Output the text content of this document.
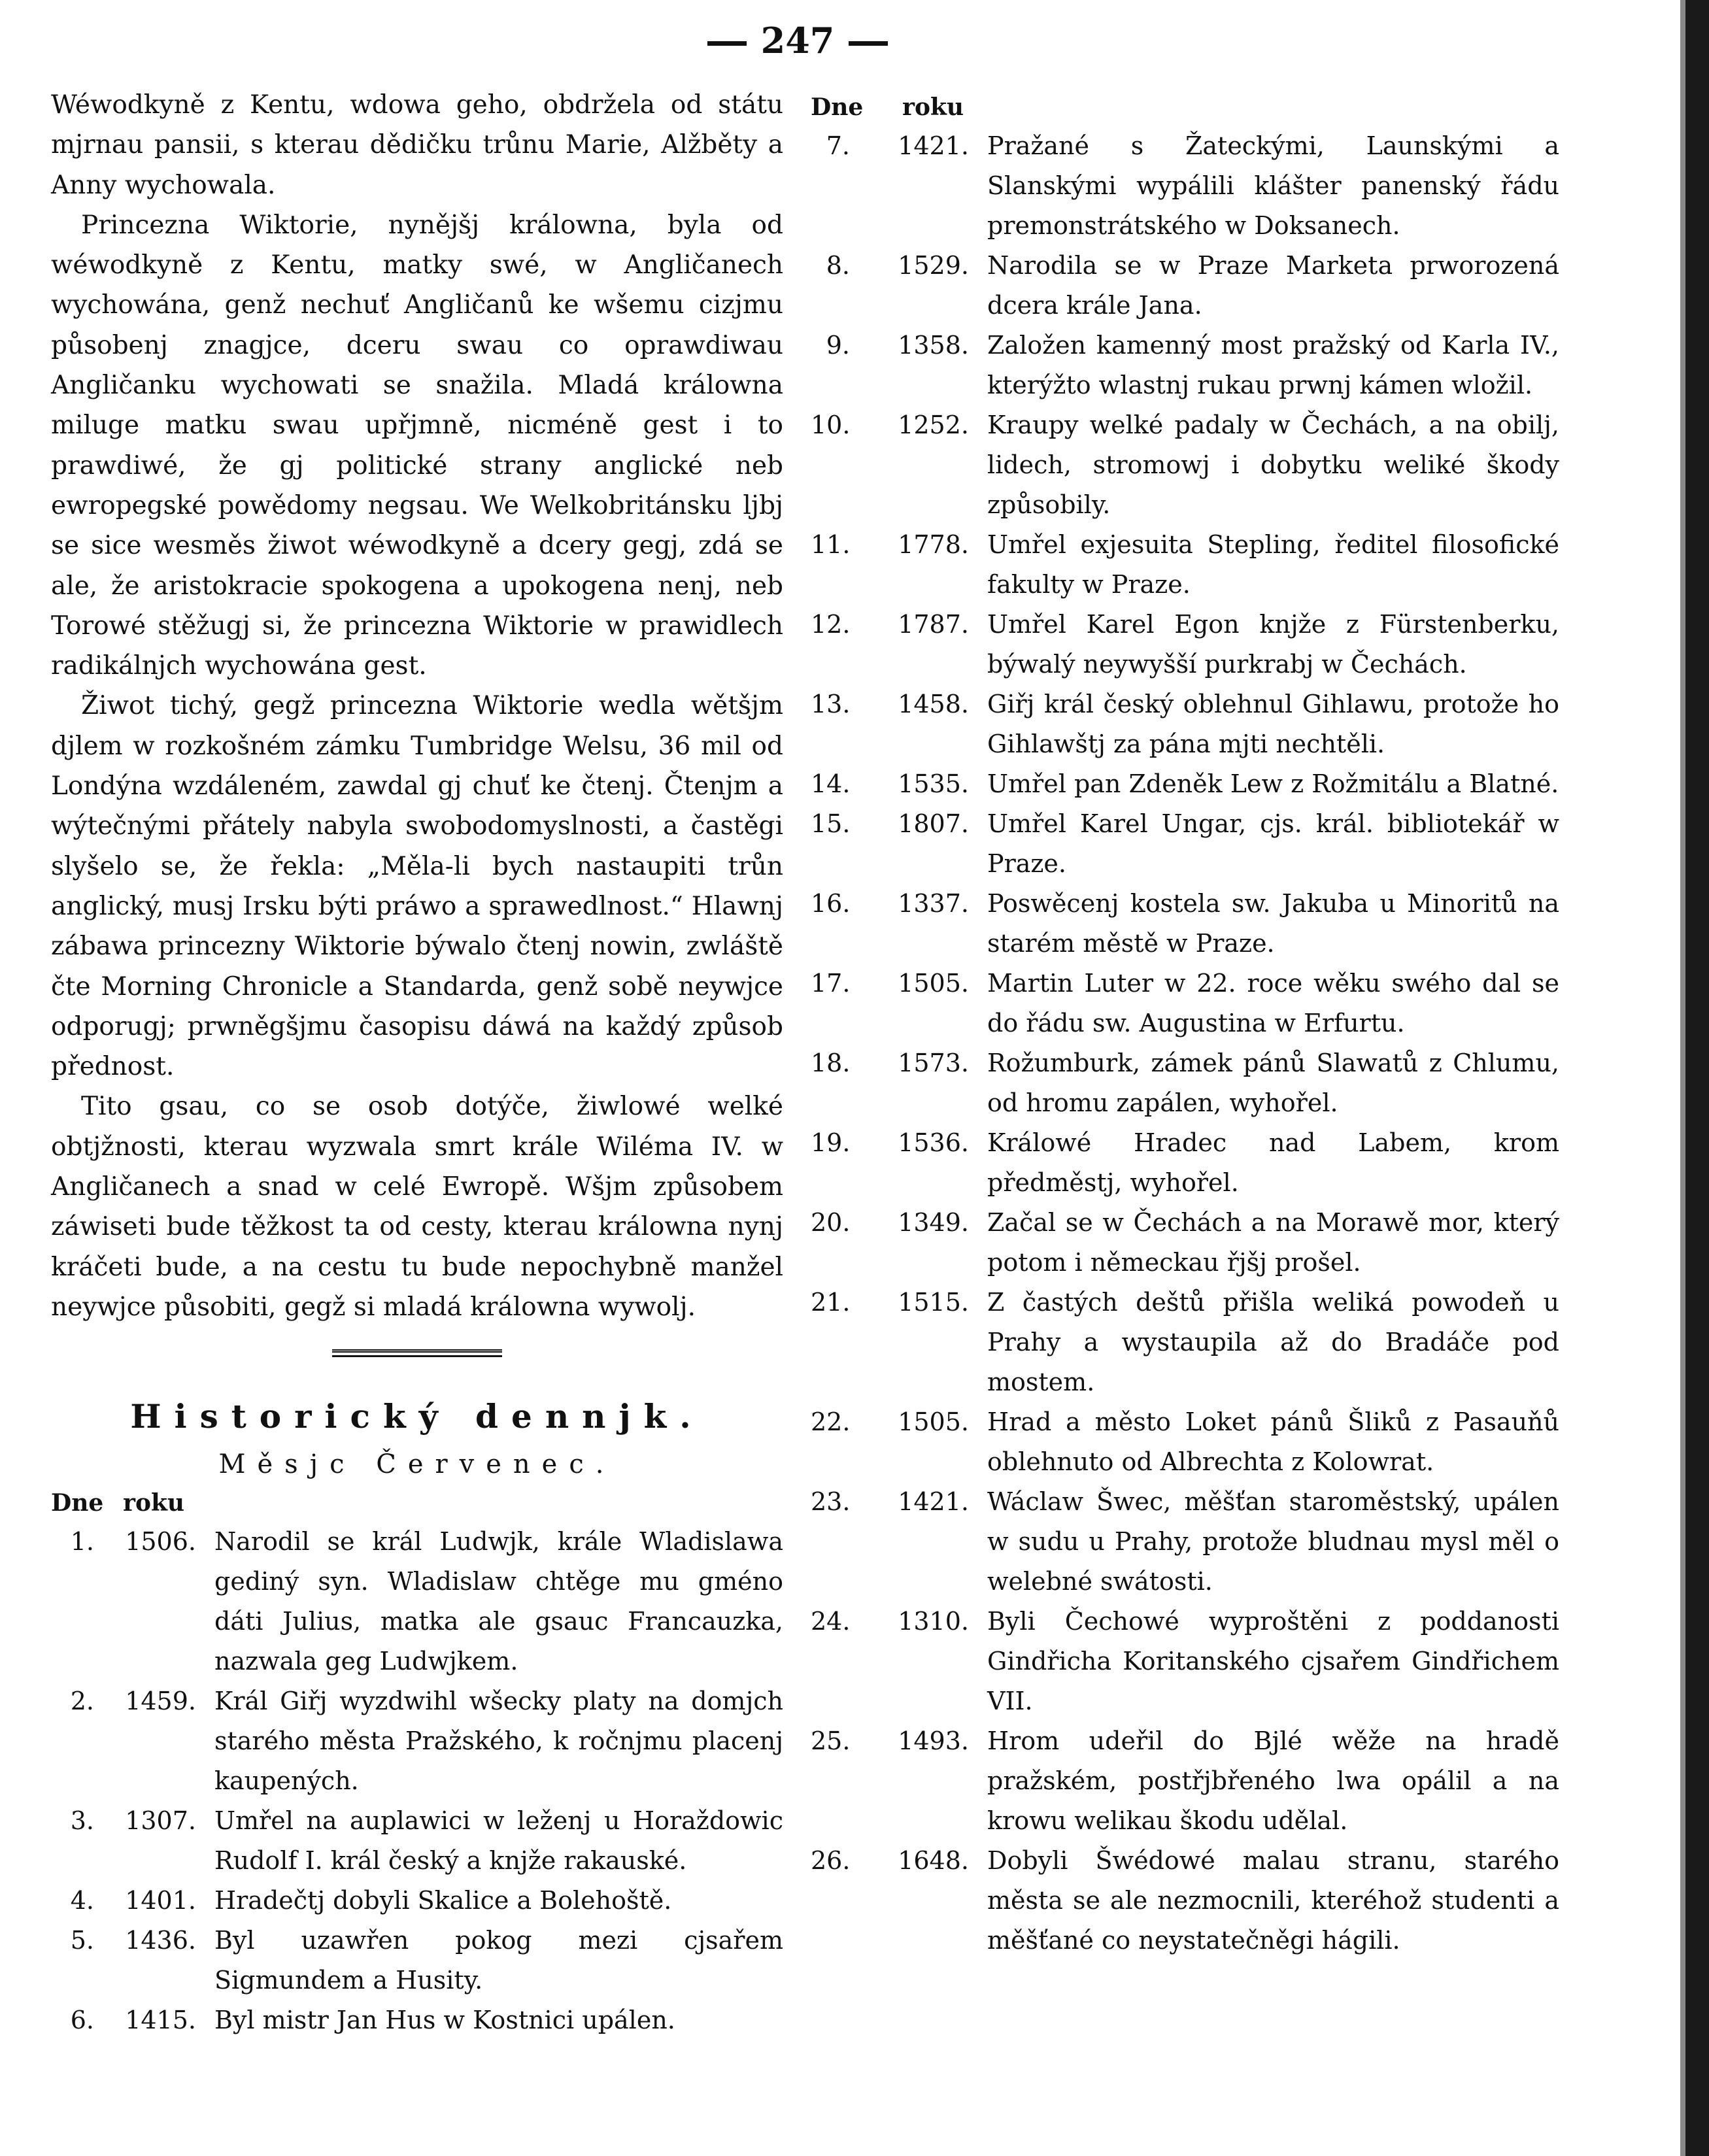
247

Wéwodkyně z Kentu, wdowa geho, obdržela od státu mjrnau pansii, s kterau dědičku trůnu Marie, Alžběty a Anny wychowala.

Princezna Wiktorie, nynějšj králowna, byla od wéwodkyně z Kentu, matky swé, w Angličanech wychowána, genž nechuť Angličanů ke wšemu cizjmu působenj znagjce, dceru swau co oprawdiwau Angličanku wychowati se snažila. Mladá králowna miluge matku swau upřjmně, nicméně gest i to prawdiwé, že gj politické strany anglické neb ewropegské powědomy negsau. We Welkobritánsku ljbj se sice wesměs žiwot wéwodkyně a dcery gegj, zdá se ale, že aristokracie spokogena a upokogena nenj, neb Torowé stěžugj si, že princezna Wiktorie w prawidlech radikálnjch wychowána gest.

Žiwot tichý, gegž princezna Wiktorie wedla wětšjm djlem w rozkošném zámku Tumbridge Welsu, 36 mil od Londýna wzdáleném, zawdal gj chuť ke čtenj. Čtenjm a wýtečnými přátely nabyla swobodomyslnosti, a častěgi slyšelo se, že řekla: „Měla-li bych nastaupiti trůn anglický, musj Irsku býti práwo a sprawedlnost.“ Hlawnj zábawa princezny Wiktorie býwalo čtenj nowin, zwláště čte Morning Chronicle a Standarda, genž sobě neywjce odporugj; prwněgšjmu časopisu dáwá na každý způsob přednost.

Tito gsau, co se osob dotýče, žiwlowé welké obtjžnosti, kterau wyzwala smrt krále Wiléma IV. w Angličanech a snad w celé Ewropě. Wšjm způsobem záwiseti bude těžkost ta od cesty, kterau králowna nynj kráčeti bude, a na cestu tu bude nepochybně manžel neywjce působiti, gegž si mladá králowna wywolj.

Historický dennjk.
Měsjc Červenec.
Dne roku
1.	1506. Narodil se král Ludwjk, krále Wladislawa gediný syn. Wladislaw chtěge mu gméno dáti Julius, matka ale gsauc Francauzka, nazwala geg Ludwjkem.
2.	1459. Král Giřj wyzdwihl wšecky platy na domjch starého města Pražského, k ročnjmu placenj kaupených.
3.	1307. Umřel na auplawici w leženj u Horaždowic Rudolf I. král český a knjže rakauské.
4.	1401. Hradečtj dobyli Skalice a Bolehoště.
5.	1436. Byl uzawřen pokog mezi cjsařem Sigmundem a Husity.
6.	1415. Byl mistr Jan Hus w Kostnici upálen.
Dne roku
7.	1421. Pražané s Žateckými, Launskými a Slanskými wypálili klášter panenský řádu premonstrátského w Doksanech.
8.	1529. Narodila se w Praze Marketa prworozená dcera krále Jana.
9.	1358. Založen kamenný most pražský od Karla IV., kterýžto wlastnj rukau prwnj kámen wložil.
10.	1252. Kraupy welké padaly w Čechách, a na obilj, lidech, stromowj i dobytku weliké škody způsobily.
11.	1778. Umřel exjesuita Stepling, ředitel filosofické fakulty w Praze.
12.	1787. Umřel Karel Egon knjže z Fürstenberku, býwalý neywyšší purkrabj w Čechách.
13.	1458. Giřj král český oblehnul Gihlawu, protože ho Gihlawštj za pána mjti nechtěli.
14.	1535. Umřel pan Zdeněk Lew z Rožmitálu a Blatné.
15.	1807. Umřel Karel Ungar, cjs. král. bibliotekář w Praze.
16.	1337. Poswěcenj kostela sw. Jakuba u Minoritů na starém městě w Praze.
17.	1505. Martin Luter w 22. roce wěku swého dal se do řádu sw. Augustina w Erfurtu.
18.	1573. Rožumburk, zámek pánů Slawatů z Chlumu, od hromu zapálen, wyhořel.
19.	1536. Králowé Hradec nad Labem, krom předměstj, wyhořel.
20.	1349. Začal se w Čechách a na Morawě mor, který potom i německau řjšj prošel.
21.	1515. Z častých deštů přišla weliká powodeň u Prahy a wystaupila až do Bradáče pod mostem.
22.	1505. Hrad a město Loket pánů Šliků z Pasauňů oblehnuto od Albrechta z Kolowrat.
23.	1421. Wáclaw Šwec, měšťan staroměstský, upálen w sudu u Prahy, protože bludnau mysl měl o welebné swátosti.
24.	1310. Byli Čechowé wyproštěni z poddanosti Gindřicha Koritanského cjsařem Gindřichem VII.
25.	1493. Hrom udeřil do Bjlé wěže na hradě pražském, postřjbřeného lwa opálil a na krowu welikau škodu udělal.
26.	1648. Dobyli Šwédowé malau stranu, starého města se ale nezmocnili, kteréhož studenti a měšťané co neystatečněgi hágili.
